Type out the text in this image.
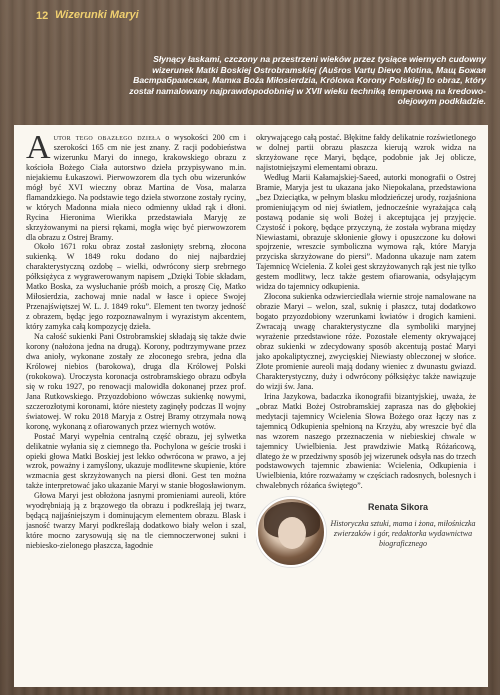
12 Wizerunki Maryi
Słynący łaskami, czczony na przestrzeni wieków przez tysiące wiernych cudowny wizerunek Matki Boskiej Ostrobramskiej (Aušros Vartų Dievo Motina, Мащ Божая Вастрабрамская, Матка Boża Міłosierdzia, Królowa Korony Polskiej) to obraz, który został namalowany najprawdopodobniej w XVII wieku techniką temperową na kredowo-olejowym podkładzie.

Autor tego obazłego dzieła o wysokości 200 cm i szerokości 165 cm nie jest znany. Z racji podobieństwa wizerunku Maryi do innego, krakowskiego obrazu z kościoła Bożego Ciała autorstwo dzieła przypisywano m.in. niejakiemu Łukaszowi. Pierwowzorem dla tych obu wizerunków mógł być XVI wieczny obraz Martina de Vosa, malarza flamandzkiego. Na podstawie tego dzieła stworzone zostały ryciny, w których Madonna miała nieco odmienny układ rąk i dłoni. Rycina Hieronima Wierikka przedstawiała Maryję ze skrzyżowanymi na piersi rękami, mogła więc być pierwowzorem dla obrazu z Ostrej Bramy.

Około 1671 roku obraz został zasłonięty srebrną, złocona sukienką. W 1849 roku dodano do niej najbardziej charakterystyczną ozdobę – wielki, odwrócony sierp srebrnego półksiężyca z wygrawerowanym napisem „Dzięki Tobie składam, Matko Boska, za wysłuchanie próśb moich, a proszę Cię, Matko Miłosierdzia, zachowaj mnie nadal w łasce i opiece Swojej Przenajświętszej W. L. J. 1849 roku”. Element ten tworzy jedność z obrazem, będąc jego rozpoznawalnym i wyrazistym akcentem, który zamyka całą kompozycję dzieła.

Na całość sukienki Pani Ostrobramskiej składają się także dwie korony (nałożona jedna na drugą). Korony, podtrzymywane przez dwa anioły, wykonane zostały ze złoconego srebra, jedna dla Królowej niebios (barokowa), druga dla Królowej Polski (rokokowa). Uroczysta koronacja ostrobramskiego obrazu odbyła się w roku 1927, po renowacji malowidła dokonanej przez prof. Jana Rutkowskiego. Przyozdobiono wówczas sukienkę nowymi, szczerozłotymi koronami, które niestety zaginęły podczas II wojny światowej. W roku 2018 Maryja z Ostrej Bramy otrzymała nową koronę, wykonaną z ofiarowanych przez wiernych wotów.

Postać Maryi wypełnia centralną część obrazu, jej sylwetka delikatnie wyłania się z ciemnego tła. Pochylona w geście troski i opieki głowa Matki Boskiej jest lekko odwrócona w prawo, a jej wzrok, poważny i zamyślony, ukazuje modlitewne skupienie, które wzmacnia gest skrzyżowanych na piersi dłoni. Gest ten można także interpretować jako ukazanie Maryi w stanie błogosławionym.

Głowa Maryi jest obłożona jasnymi promieniami aureoli, które wyodrębniają ją z brązowego tła obrazu i podkreślają jej twarz, będącą najjaśniejszym i dominującym elementem obrazu. Blask i jasność twarzy Maryi podkreślają dodatkowo biały welon i szal, które mocno zarysowują się na tle ciemnoczerwonej sukni i niebiesko-zielonego płaszcza, łagodnie

okrywającego całą postać. Błękitne fałdy delikatnie rozświetlonego w dolnej partii obrazu płaszcza kierują wzrok widza na skrzyżowane ręce Maryi, będące, podobnie jak Jej oblicze, najistotniejszymi elementami obrazu.

Według Marii Kałamajskiej-Saeed, autorki monografii o Ostrej Bramie, Maryja jest tu ukazana jako Niepokalana, przedstawiona „bez Dzieciątka, w pełnym blasku młodzieńczej urody, rozjaśniona promieniującym od niej światłem, jednocześnie wyrażająca całą postawą podanie się woli Bożej i akceptująca jej przyjęcie. Czystość i pokorę, będące przyczyną, że została wybrana między Niewiastami, obrazuje skłonienie głowy i opuszczone ku dołowi spojrzenie, wreszcie symboliczna wymowa rąk, które Maryja przyciska skrzyżowane do piersi”. Madonna ukazuje nam zatem Tajemnicę Wcielenia. Z kolei gest skrzyżowanych rąk jest nie tylko gestem modlitwy, lecz także gestem ofiarowania, odsyłającym widza do tajemnicy odkupienia.

Złocona sukienka odzwierciedlała wiernie stroje namalowane na obrazie Maryi – welon, szal, suknię i płaszcz, tutaj dodatkowo bogato przyozdobiony wzerunkami kwiatów i drogich kamieni. Zwracają uwagę charakterystyczne dla symboliki maryjnej wyrażenie przedstawione róże. Pozostałe elementy okrywającej obraz sukienki w zdecydowany sposób akcentują postać Maryi jako apokaliptycznej, zwycięskiej Niewiasty obleczonej w słońce. Złote promienie aureoli mają dodany wieniec z dwunastu gwiazd. Charakterystyczny, duży i odwrócony półksiężyc także nawiązuje do wizji św. Jana.

Irina Jazykowa, badaczka ikonografii bizantyjskiej, uważa, że „obraz Matki Bożej Ostrobramskiej zaprasza nas do głębokiej medytacji tajemnicy Wcielenia Słowa Bożego oraz łączy nas z tajemnicą Odkupienia spełnioną na Krzyżu, aby wreszcie być dla nas wzorem naszego przeznaczenia w niebieskiej chwale w tajemnicy Uwielbienia. Jest prawdziwie Matką Różańcową, dlatego że w przedziwny sposób jej wizerunek odsyła nas do trzech podstawowych tajemnic zbawienia: Wcielenia, Odkupienia i Uwielbienia, które rozważamy w częściach radosnych, bolesnych i chwalebnych różańca świętego”.

Renata Sikora
Historyczka sztuki, mama i żona, miłośniczka zwierzaków i gór, redaktorka wydawnictwa biograficznego
